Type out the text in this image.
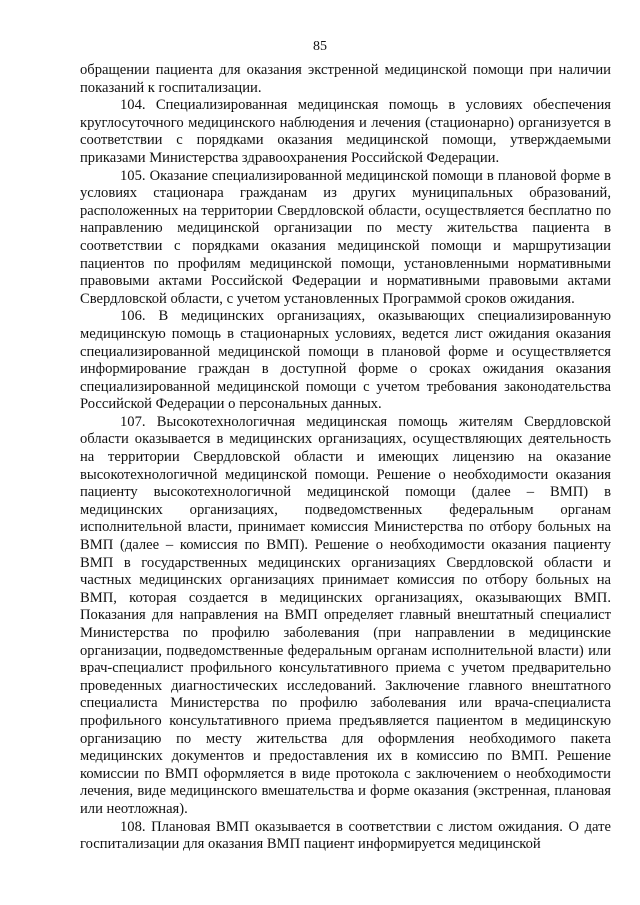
85

обращении пациента для оказания экстренной медицинской помощи при наличии показаний к госпитализации.

104. Специализированная медицинская помощь в условиях обеспечения круглосуточного медицинского наблюдения и лечения (стационарно) организуется в соответствии с порядками оказания медицинской помощи, утверждаемыми приказами Министерства здравоохранения Российской Федерации.

105. Оказание специализированной медицинской помощи в плановой форме в условиях стационара гражданам из других муниципальных образований, расположенных на территории Свердловской области, осуществляется бесплатно по направлению медицинской организации по месту жительства пациента в соответствии с порядками оказания медицинской помощи и маршрутизации пациентов по профилям медицинской помощи, установленными нормативными правовыми актами Российской Федерации и нормативными правовыми актами Свердловской области, с учетом установленных Программой сроков ожидания.

106. В медицинских организациях, оказывающих специализированную медицинскую помощь в стационарных условиях, ведется лист ожидания оказания специализированной медицинской помощи в плановой форме и осуществляется информирование граждан в доступной форме о сроках ожидания оказания специализированной медицинской помощи с учетом требования законодательства Российской Федерации о персональных данных.

107. Высокотехнологичная медицинская помощь жителям Свердловской области оказывается в медицинских организациях, осуществляющих деятельность на территории Свердловской области и имеющих лицензию на оказание высокотехнологичной медицинской помощи. Решение о необходимости оказания пациенту высокотехнологичной медицинской помощи (далее – ВМП) в медицинских организациях, подведомственных федеральным органам исполнительной власти, принимает комиссия Министерства по отбору больных на ВМП (далее – комиссия по ВМП). Решение о необходимости оказания пациенту ВМП в государственных медицинских организациях Свердловской области и частных медицинских организациях принимает комиссия по отбору больных на ВМП, которая создается в медицинских организациях, оказывающих ВМП. Показания для направления на ВМП определяет главный внештатный специалист Министерства по профилю заболевания (при направлении в медицинские организации, подведомственные федеральным органам исполнительной власти) или врач-специалист профильного консультативного приема с учетом предварительно проведенных диагностических исследований. Заключение главного внештатного специалиста Министерства по профилю заболевания или врача-специалиста профильного консультативного приема предъявляется пациентом в медицинскую организацию по месту жительства для оформления необходимого пакета медицинских документов и предоставления их в комиссию по ВМП. Решение комиссии по ВМП оформляется в виде протокола с заключением о необходимости лечения, виде медицинского вмешательства и форме оказания (экстренная, плановая или неотложная).

108. Плановая ВМП оказывается в соответствии с листом ожидания. О дате госпитализации для оказания ВМП пациент информируется медицинской
